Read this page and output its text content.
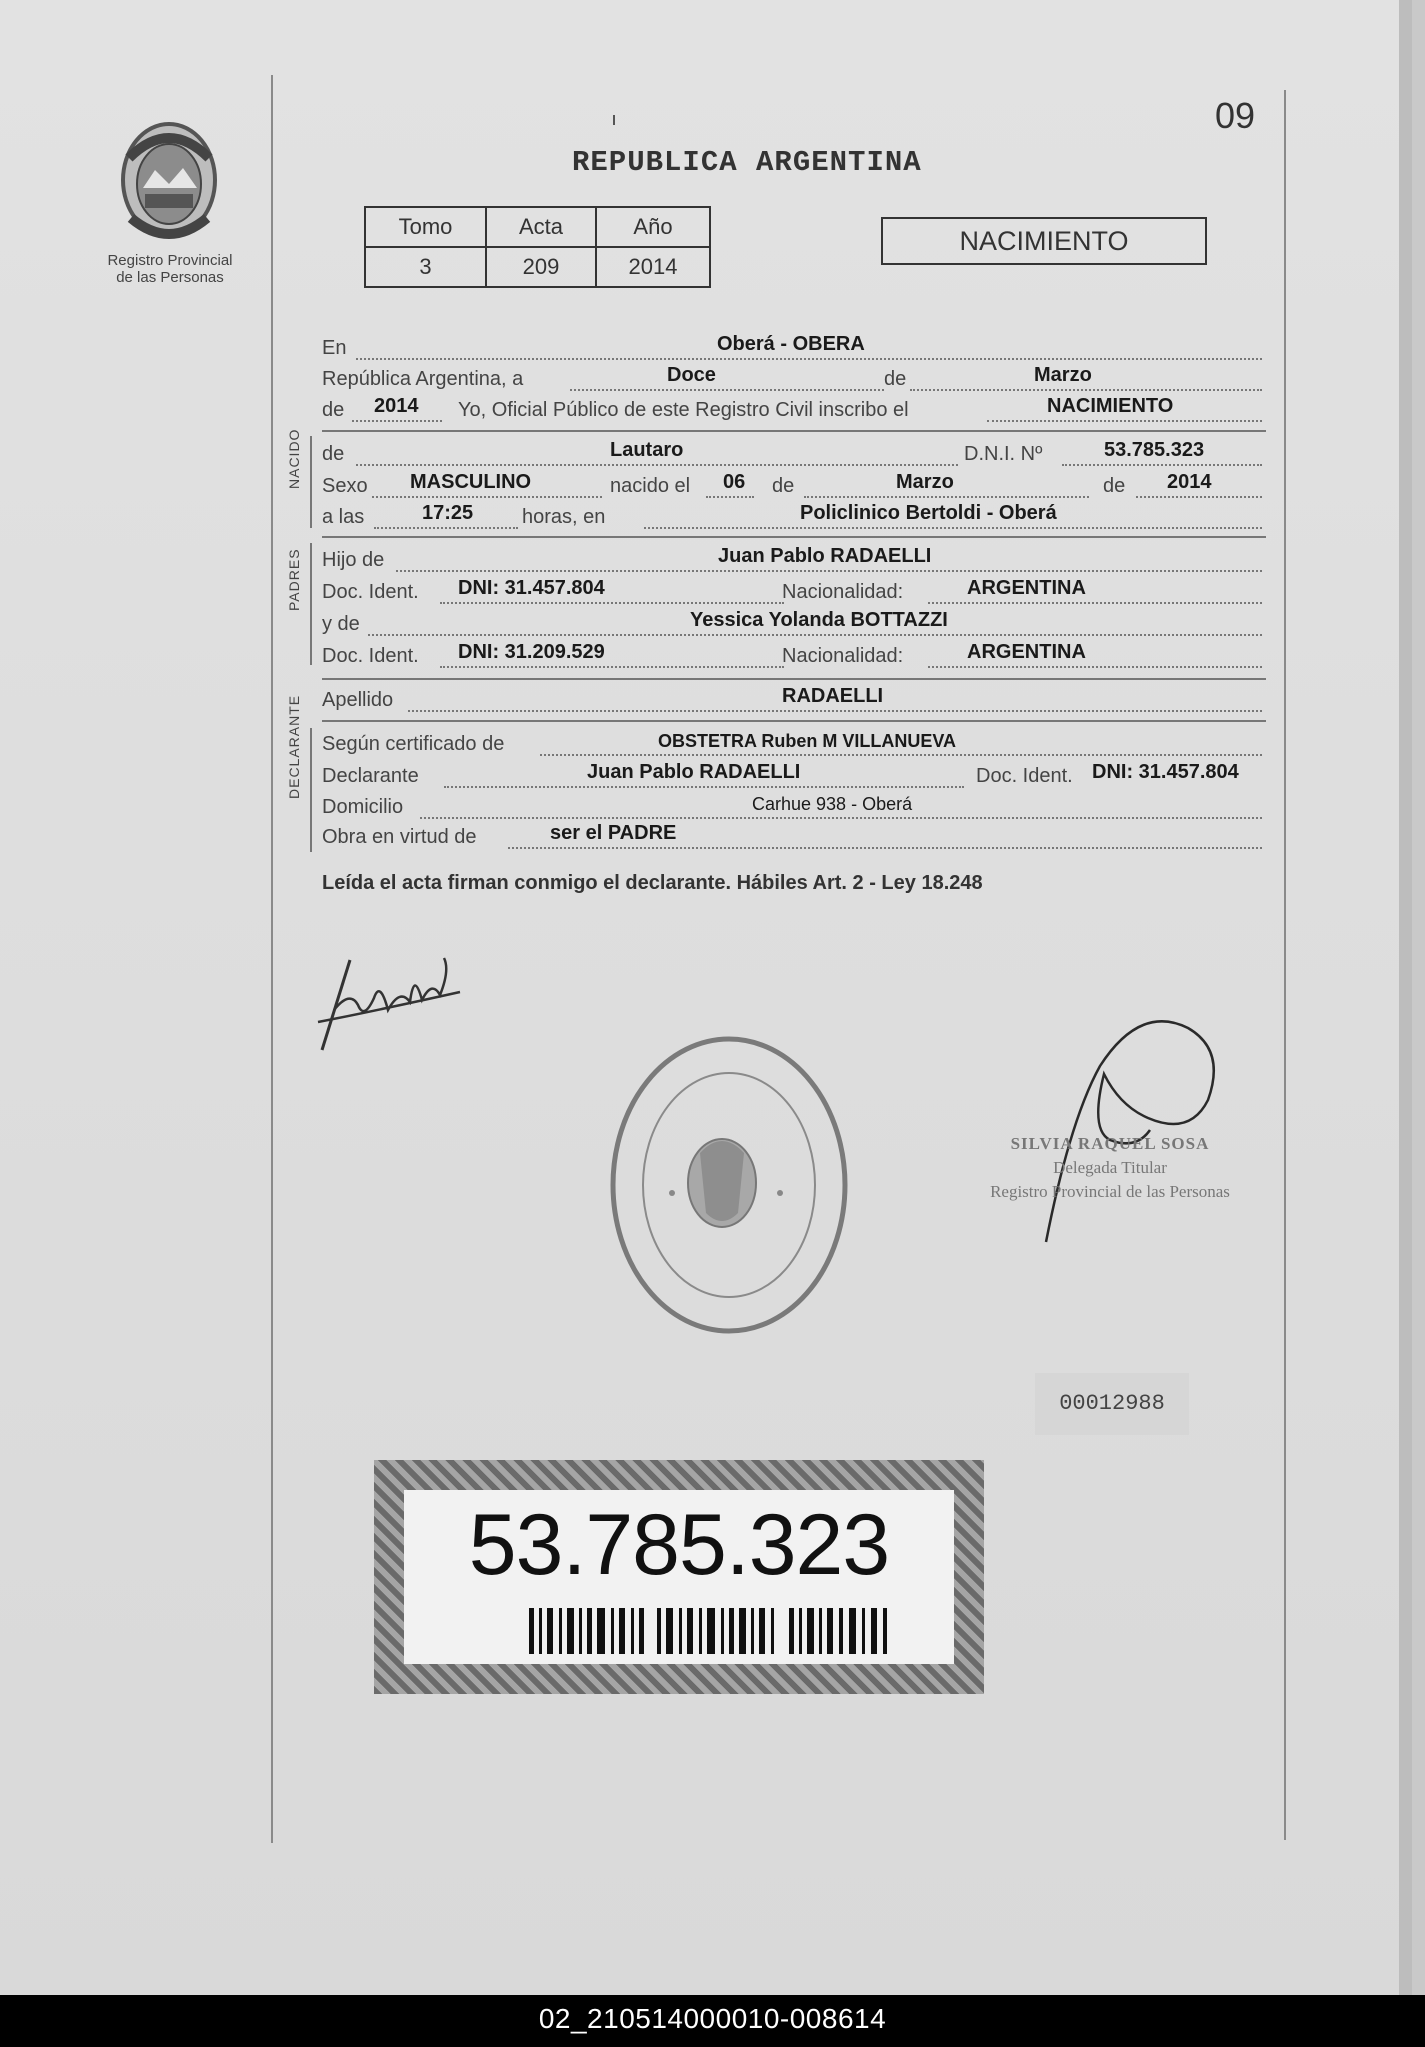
Registro Provincial
de las Personas
09
REPUBLICA ARGENTINA
Tomo	Acta	Año
3	209	2014
NACIMIENTO
En	Oberá - OBERA
República Argentina, a	Doce	de	Marzo
de 2014 Yo, Oficial Público de este Registro Civil inscribo el	NACIMIENTO
NACIDO de	Lautaro	D.N.I. Nº	53.785.323
Sexo MASCULINO	nacido el 06 de	Marzo	de 2014
a las	17:25 horas, en	Policlinico Bertoldi - Oberá
PADRES Hijo de	Juan Pablo RADAELLI
Doc. Ident. DNI: 31.457.804	Nacionalidad:	ARGENTINA
y de	Yessica Yolanda BOTTAZZI
Doc. Ident. DNI: 31.209.529	Nacionalidad:	ARGENTINA
Apellido	RADAELLI
DECLARANTE Según certificado de	OBSTETRA Ruben M VILLANUEVA
Declarante	Juan Pablo RADAELLI	Doc. Ident. DNI: 31.457.804
Domicilio	Carhue 938 - Oberá
Obra en virtud de	ser el PADRE
Leída el acta firman conmigo el declarante. Hábiles Art. 2 - Ley 18.248
SILVIA RAQUEL SOSA
Delegada Titular
Registro Provincial de las Personas
00012988
53.785.323
02_210514000010-008614
